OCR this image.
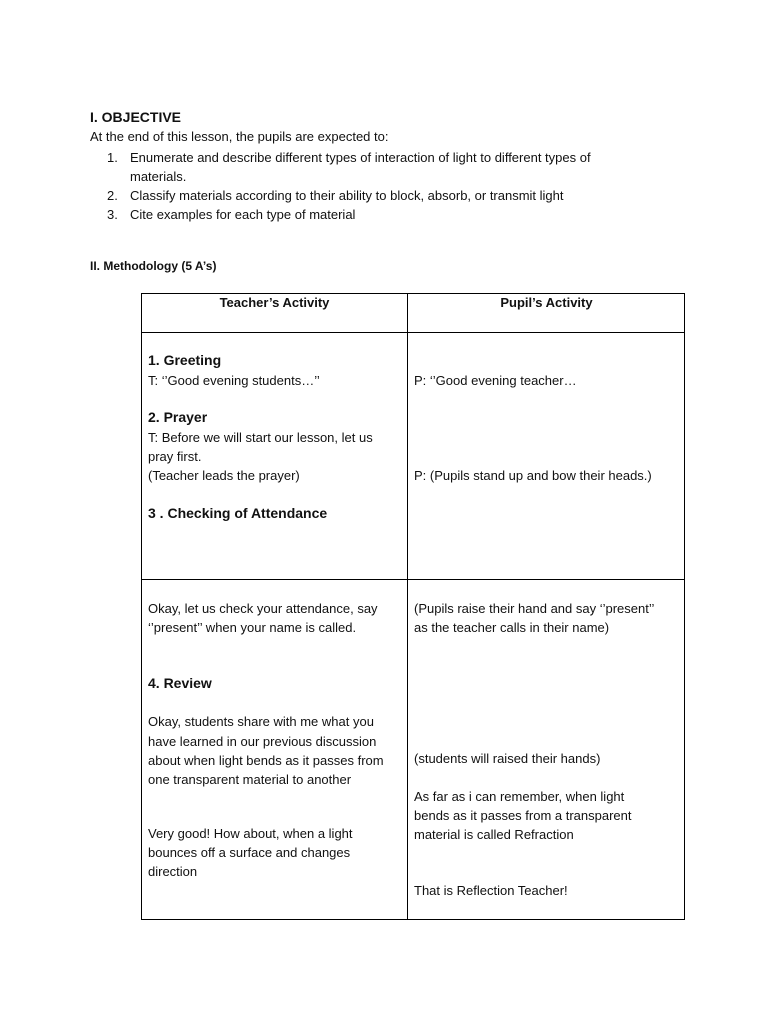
I. OBJECTIVE
At the end of this lesson, the pupils are expected to:
1. Enumerate and describe different types of interaction of light to different types of materials.
2. Classify materials according to their ability to block, absorb, or transmit light
3. Cite examples for each type of material
II. Methodology (5 A’s)
Teacher’s Activity	Pupil’s Activity
1. Greeting
T: ‘’Good evening students…’’
2. Prayer
T: Before we will start our lesson, let us
pray first.
(Teacher leads the prayer)
3 . Checking of Attendance
Okay, let us check your attendance, say
‘’present’’ when your name is called.
4. Review
Okay, students share with me what you
have learned in our previous discussion
about when light bends as it passes from
one transparent material to another
Very good! How about, when a light
bounces off a surface and changes
direction
P: ‘’Good evening teacher…
P: (Pupils stand up and bow their heads.)
(Pupils raise their hand and say ‘’present’’
as the teacher calls in their name)
(students will raised their hands)
As far as i can remember, when light
bends as it passes from a transparent
material is called Refraction
That is Reflection Teacher!
